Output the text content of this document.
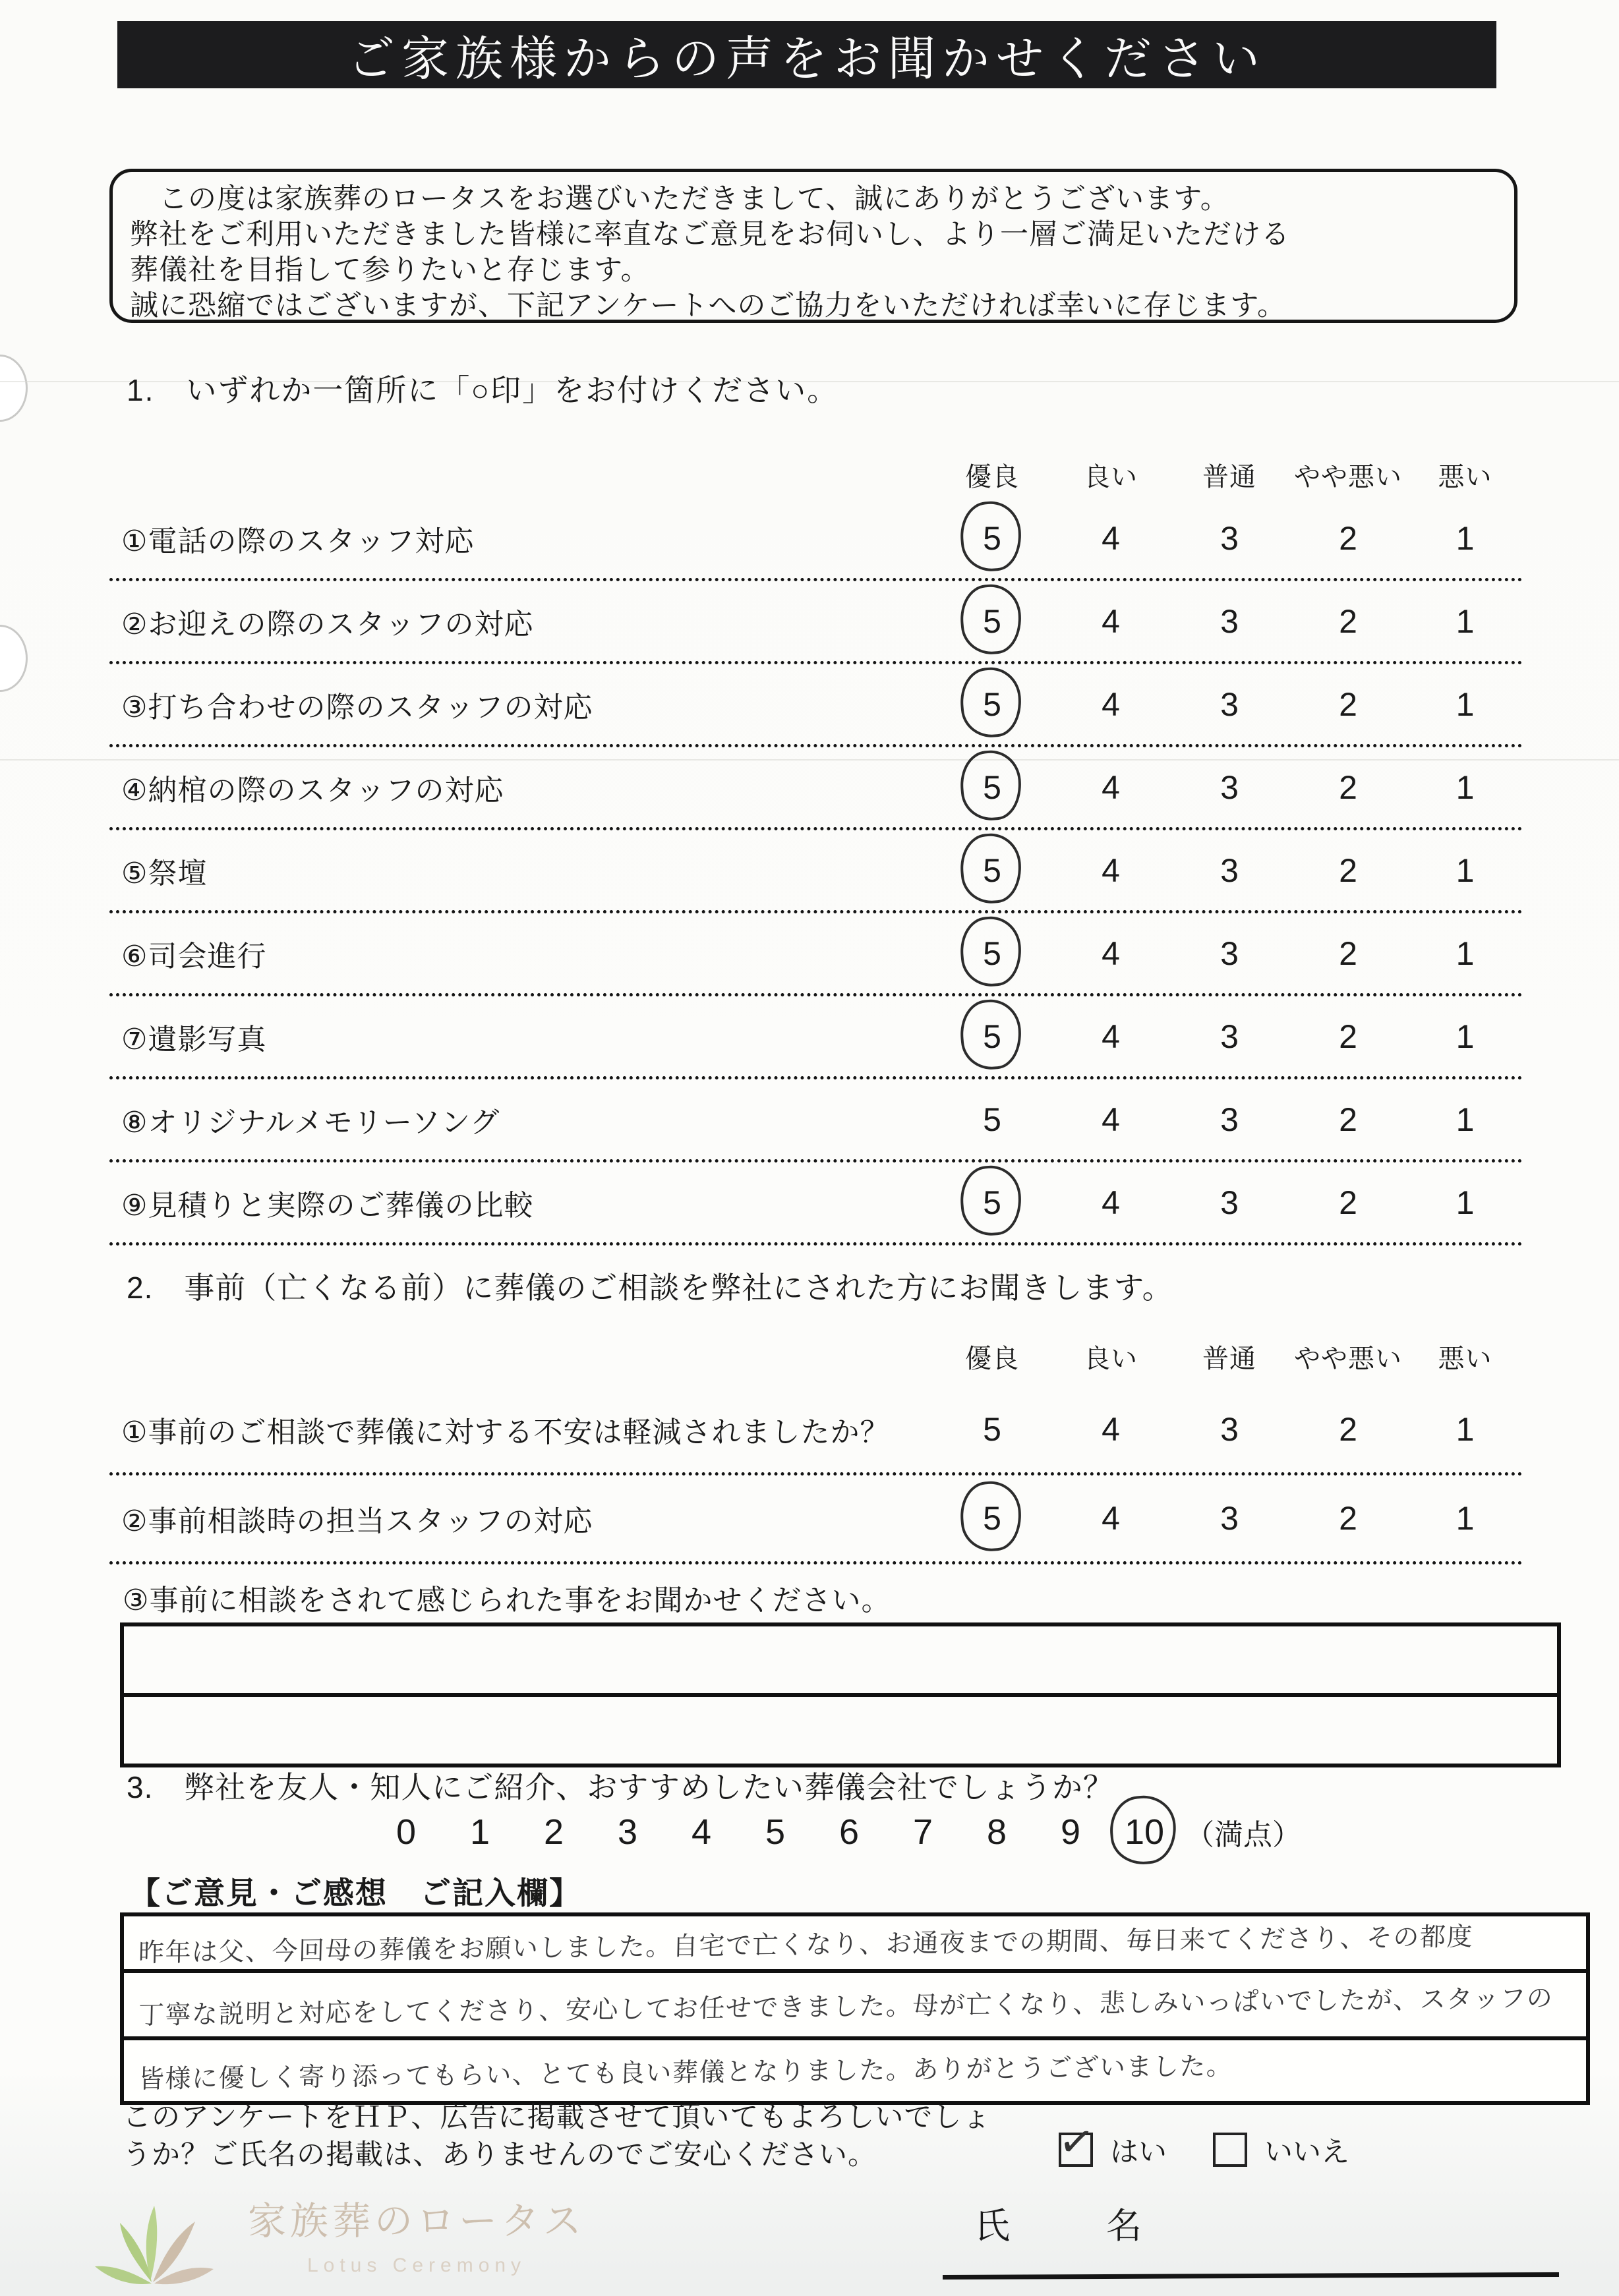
ご家族様からの声をお聞かせください

　この度は家族葬のロータスをお選びいただきまして、誠にありがとうございます。

弊社をご利用いただきました皆様に率直なご意見をお伺いし、より一層ご満足いただける

葬儀社を目指して参りたいと存じます。

誠に恐縮ではございますが、下記アンケートへのご協力をいただければ幸いに存じます。

1.　いずれか一箇所に「○印」をお付けください。
優良	良い	普通	やや悪い	悪い
①電話の際のスタッフ対応	5	4	3	2	1
②お迎えの際のスタッフの対応	5	4	3	2	1
③打ち合わせの際のスタッフの対応	5	4	3	2	1
④納棺の際のスタッフの対応	5	4	3	2	1
⑤祭壇	5	4	3	2	1
⑥司会進行	5	4	3	2	1
⑦遺影写真	5	4	3	2	1
⑧オリジナルメモリーソング	5	4	3	2	1
⑨見積りと実際のご葬儀の比較	5	4	3	2	1
2.　事前（亡くなる前）に葬儀のご相談を弊社にされた方にお聞きします。
優良	良い	普通	やや悪い	悪い
①事前のご相談で葬儀に対する不安は軽減されましたか？	5	4	3	2	1
②事前相談時の担当スタッフの対応	5	4	3	2	1
③事前に相談をされて感じられた事をお聞かせください。
3.　弊社を友人・知人にご紹介、おすすめしたい葬儀会社でしょうか？
0	1	2	3	4	5	6	7	8	9	10 （満点）
【ご意見・ご感想　ご記入欄】
昨年は父、今回母の葬儀をお願いしました。自宅で亡くなり、お通夜までの期間、毎日来てくださり、その都度
丁寧な説明と対応をしてくださり、安心してお任せできました。母が亡くなり、悲しみいっぱいでしたが、スタッフの
皆様に優しく寄り添ってもらい、とても良い葬儀となりました。ありがとうございました。

このアンケートをＨＰ、広告に掲載させて頂いてもよろしいでしょ

うか？ご氏名の掲載は、ありませんのでご安心ください。	✓ はい	いいえ
家族葬のロータス
Lotus Ceremony
氏　名
